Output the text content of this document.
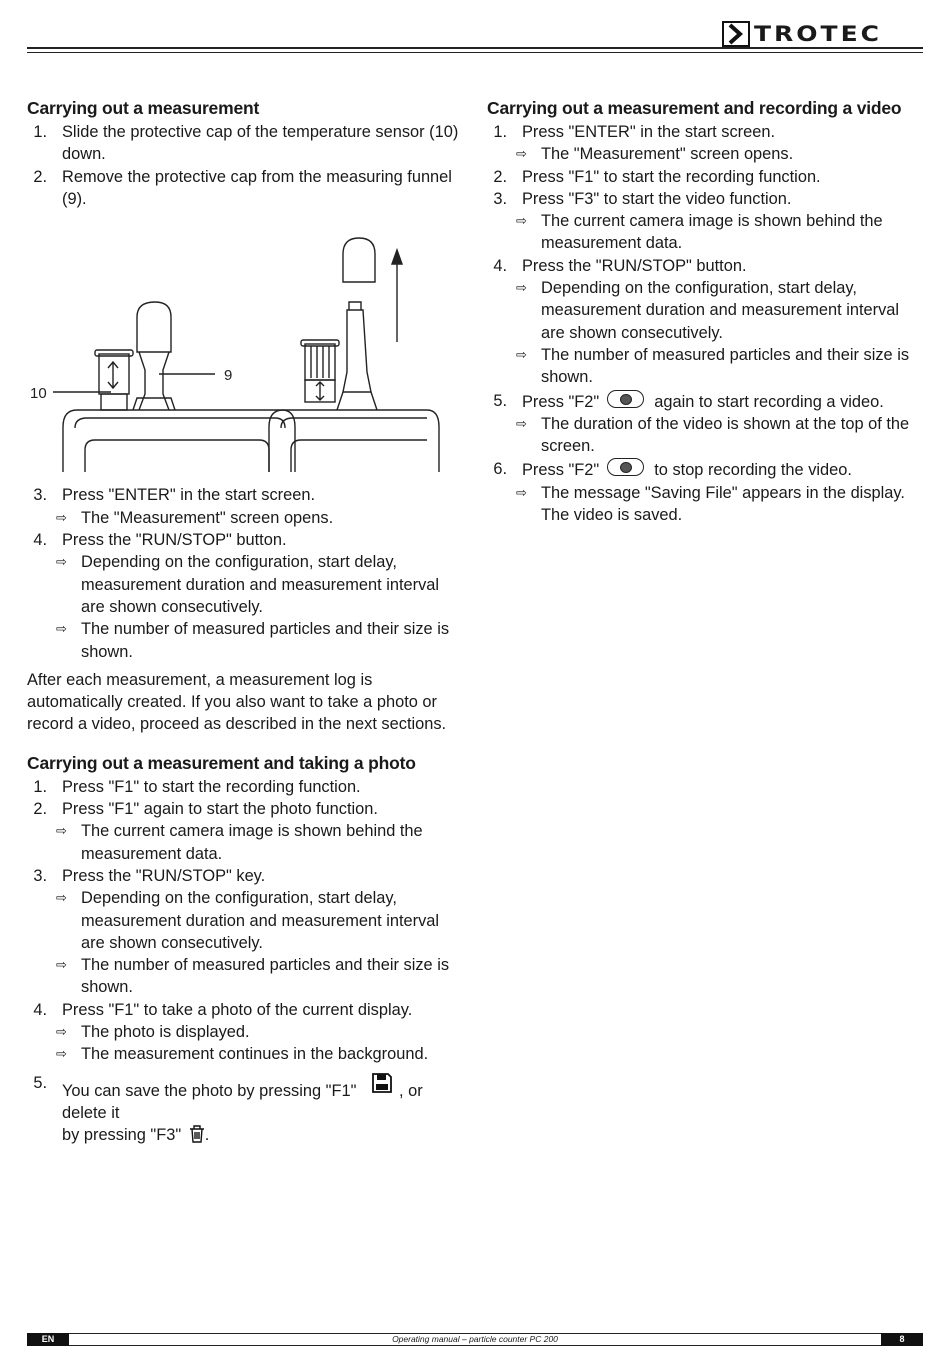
TROTEC
Carrying out a measurement
1. Slide the protective cap of the temperature sensor (10) down.
2. Remove the protective cap from the measuring funnel (9).
10
9
3. Press "ENTER" in the start screen.
⇨ The "Measurement" screen opens.
4. Press the "RUN/STOP" button.
⇨ Depending on the configuration, start delay, measurement duration and measurement interval are shown consecutively.
⇨ The number of measured particles and their size is shown.

After each measurement, a measurement log is automatically created. If you also want to take a photo or record a video, proceed as described in the next sections.

Carrying out a measurement and taking a photo
1. Press "F1" to start the recording function.
2. Press "F1" again to start the photo function.
⇨ The current camera image is shown behind the measurement data.
3. Press the "RUN/STOP" key.
⇨ Depending on the configuration, start delay, measurement duration and measurement interval are shown consecutively.
⇨ The number of measured particles and their size is shown.
4. Press "F1" to take a photo of the current display.
⇨ The photo is displayed.
⇨ The measurement continues in the background.
5. You can save the photo by pressing "F1"	, or delete it
by pressing "F3" .
Carrying out a measurement and recording a video
1. Press "ENTER" in the start screen.
⇨ The "Measurement" screen opens.
2. Press "F1" to start the recording function.
3. Press "F3" to start the video function.
⇨ The current camera image is shown behind the measurement data.
4. Press the "RUN/STOP" button.
⇨ Depending on the configuration, start delay, measurement duration and measurement interval are shown consecutively.
⇨ The number of measured particles and their size is shown.
5. Press "F2"	again to start recording a video.
⇨ The duration of the video is shown at the top of the screen.
6. Press "F2"	to stop recording the video.
⇨ The message "Saving File" appears in the display. The video is saved.
EN	Operating manual – particle counter PC 200	8
